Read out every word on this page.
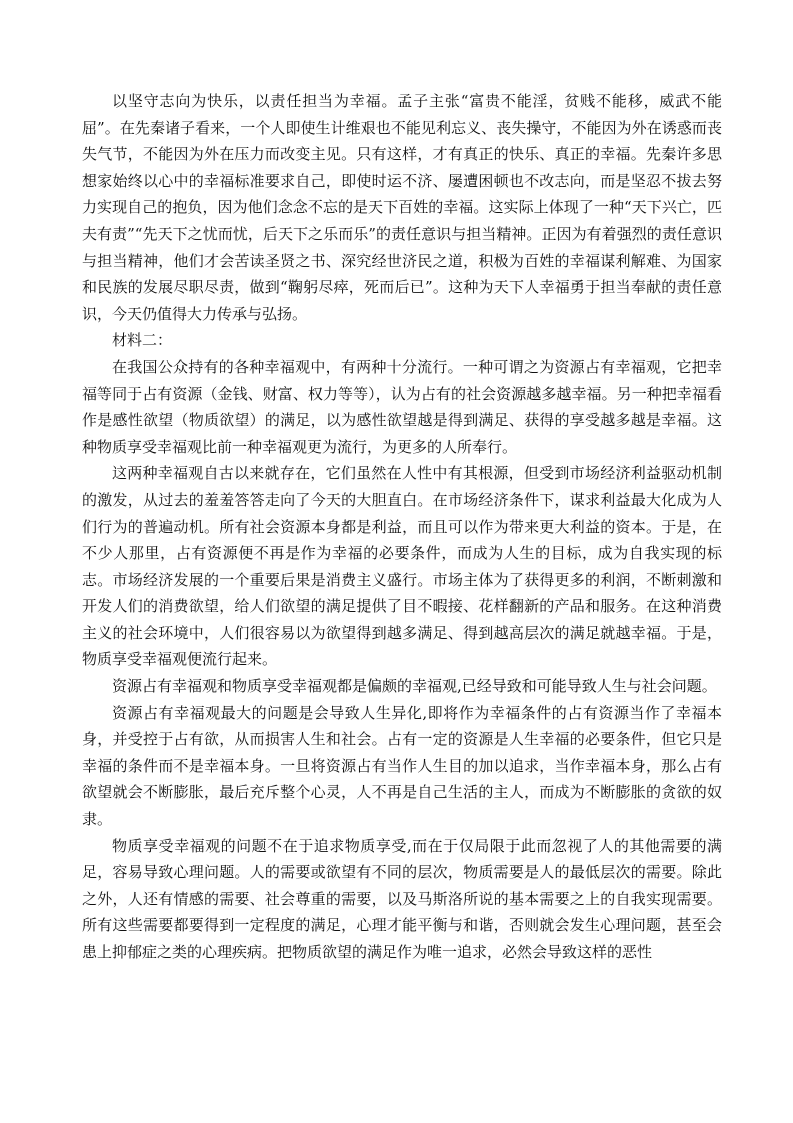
以坚守志向为快乐，以责任担当为幸福。孟子主张“富贵不能淫，贫贱不能移，威武不能屈”。在先秦诸子看来，一个人即使生计维艰也不能见利忘义、丧失操守，不能因为外在诱惑而丧失气节，不能因为外在压力而改变主见。只有这样，才有真正的快乐、真正的幸福。先秦许多思想家始终以心中的幸福标准要求自己，即使时运不济、屡遭困顿也不改志向，而是坚忍不拔去努力实现自己的抱负，因为他们念念不忘的是天下百姓的幸福。这实际上体现了一种“天下兴亡，匹夫有责”“先天下之忧而忧，后天下之乐而乐”的责任意识与担当精神。正因为有着强烈的责任意识与担当精神，他们才会苦读圣贤之书、深究经世济民之道，积极为百姓的幸福谋利解难、为国家和民族的发展尽职尽责，做到“鞠躬尽瘁，死而后已”。这种为天下人幸福勇于担当奉献的责任意识，今天仍值得大力传承与弘扬。

材料二：

在我国公众持有的各种幸福观中，有两种十分流行。一种可谓之为资源占有幸福观，它把幸福等同于占有资源（金钱、财富、权力等等），认为占有的社会资源越多越幸福。另一种把幸福看作是感性欲望（物质欲望）的满足，以为感性欲望越是得到满足、获得的享受越多越是幸福。这种物质享受幸福观比前一种幸福观更为流行，为更多的人所奉行。

这两种幸福观自古以来就存在，它们虽然在人性中有其根源，但受到市场经济利益驱动机制的激发，从过去的羞羞答答走向了今天的大胆直白。在市场经济条件下，谋求利益最大化成为人们行为的普遍动机。所有社会资源本身都是利益，而且可以作为带来更大利益的资本。于是，在不少人那里，占有资源便不再是作为幸福的必要条件，而成为人生的目标，成为自我实现的标志。市场经济发展的一个重要后果是消费主义盛行。市场主体为了获得更多的利润，不断刺激和开发人们的消费欲望，给人们欲望的满足提供了目不暇接、花样翻新的产品和服务。在这种消费主义的社会环境中，人们很容易以为欲望得到越多满足、得到越高层次的满足就越幸福。于是，物质享受幸福观便流行起来。

资源占有幸福观和物质享受幸福观都是偏颇的幸福观,已经导致和可能导致人生与社会问题。

资源占有幸福观最大的问题是会导致人生异化,即将作为幸福条件的占有资源当作了幸福本身，并受控于占有欲，从而损害人生和社会。占有一定的资源是人生幸福的必要条件，但它只是幸福的条件而不是幸福本身。一旦将资源占有当作人生目的加以追求，当作幸福本身，那么占有欲望就会不断膨胀，最后充斥整个心灵，人不再是自己生活的主人，而成为不断膨胀的贪欲的奴隶。

物质享受幸福观的问题不在于追求物质享受,而在于仅局限于此而忽视了人的其他需要的满足，容易导致心理问题。人的需要或欲望有不同的层次，物质需要是人的最低层次的需要。除此之外，人还有情感的需要、社会尊重的需要，以及马斯洛所说的基本需要之上的自我实现需要。所有这些需要都要得到一定程度的满足，心理才能平衡与和谐，否则就会发生心理问题，甚至会患上抑郁症之类的心理疾病。把物质欲望的满足作为唯一追求，必然会导致这样的恶性
